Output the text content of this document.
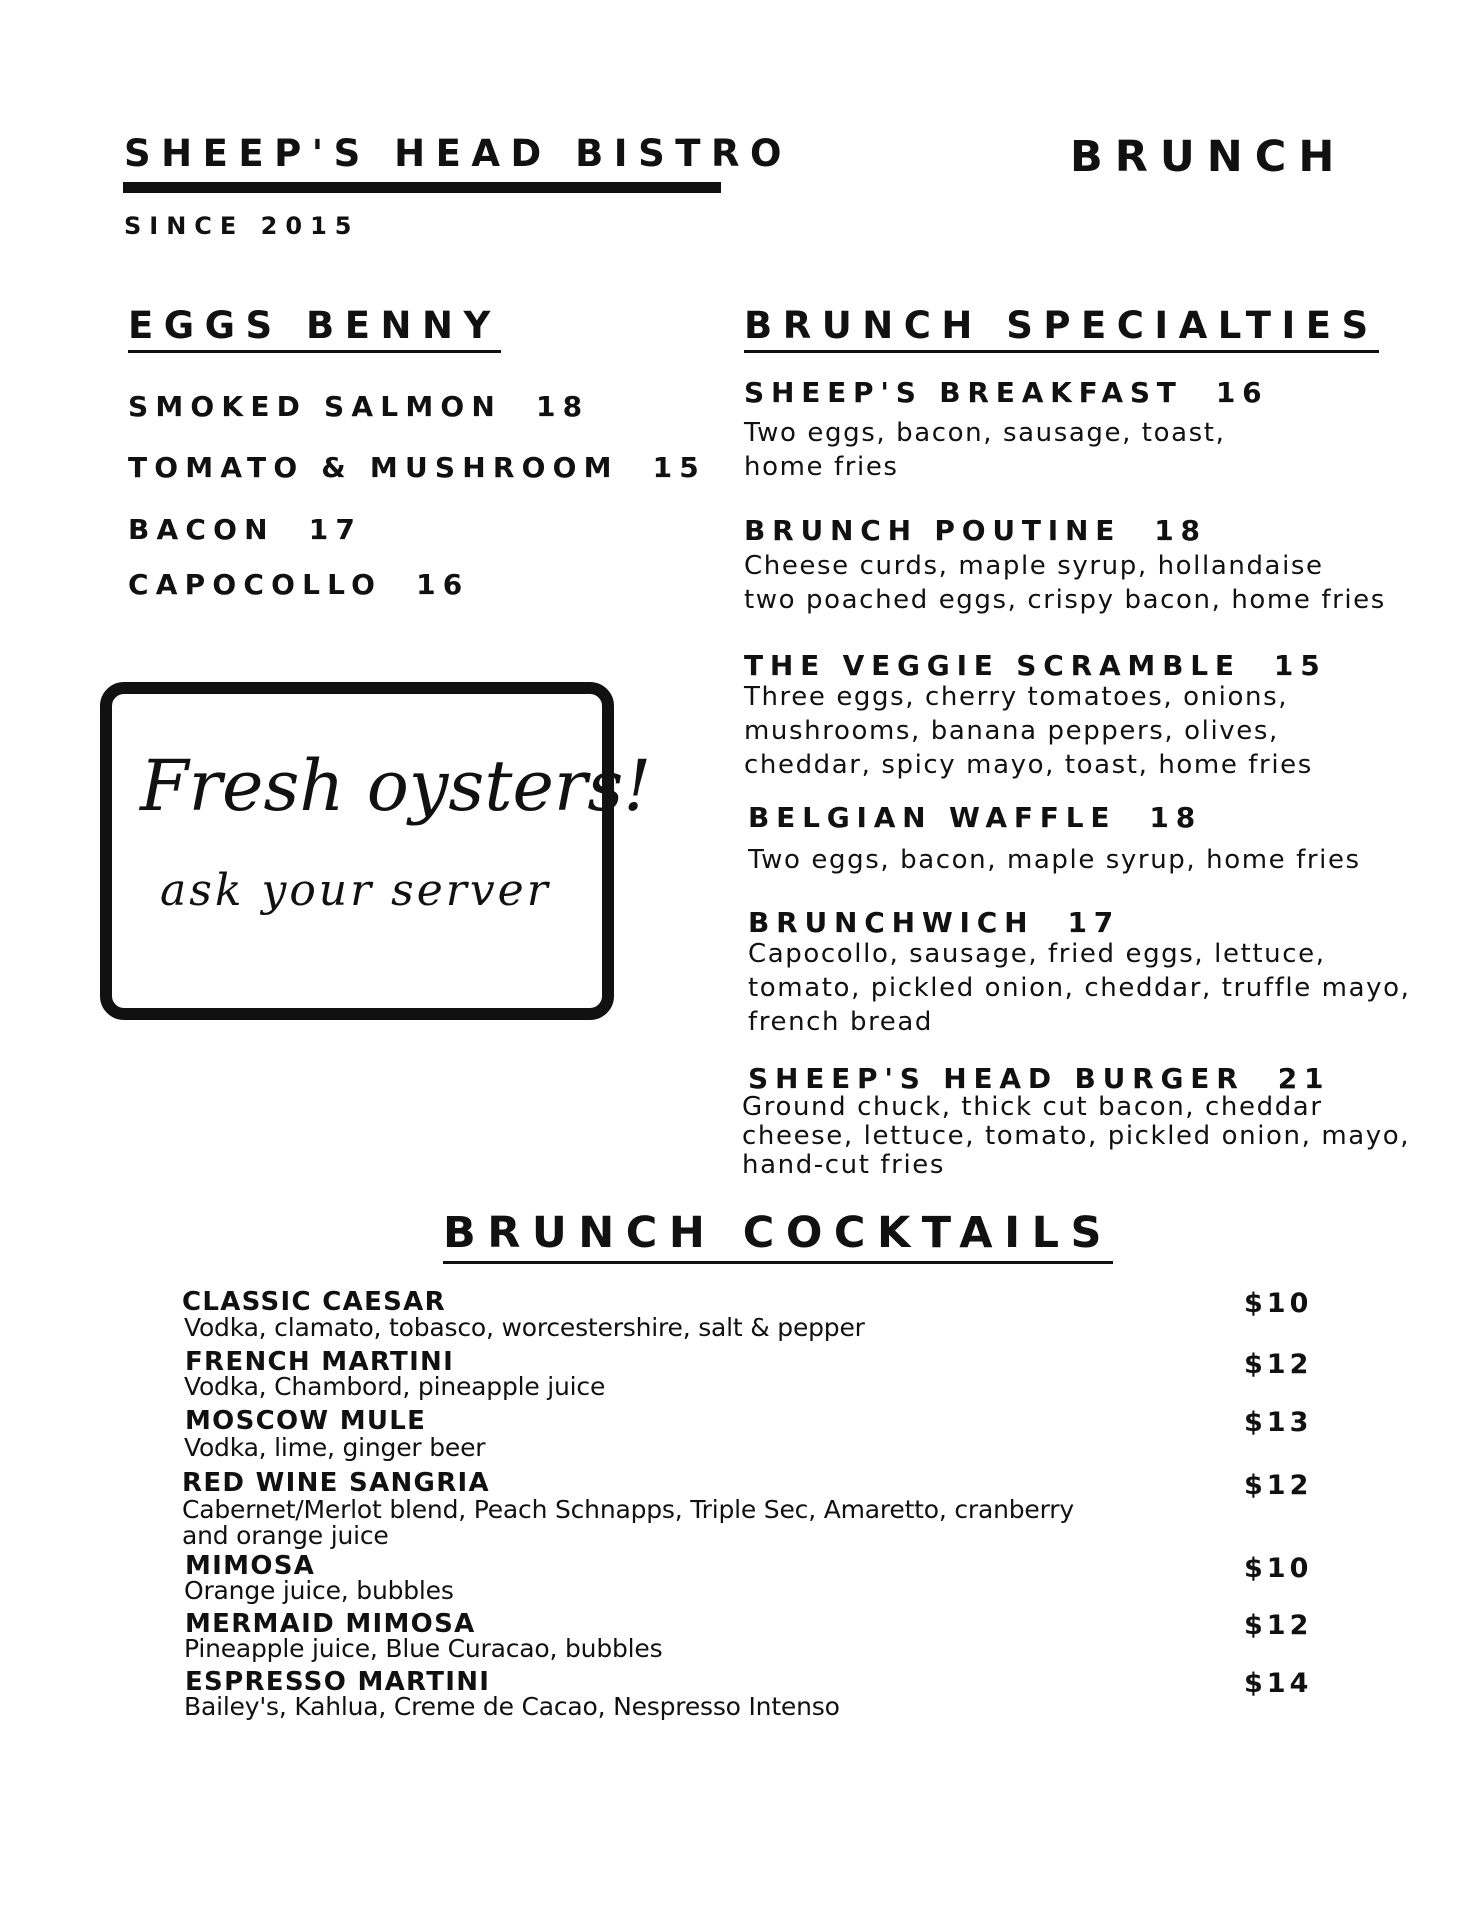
SHEEP'S HEAD BISTRO
SINCE 2015
BRUNCH
EGGS BENNY
SMOKED SALMON 18
TOMATO & MUSHROOM 15
BACON 17
CAPOCOLLO 16
Fresh oysters!
ask your server
BRUNCH SPECIALTIES
SHEEP'S BREAKFAST 16
Two eggs, bacon, sausage, toast,
home fries
BRUNCH POUTINE 18
Cheese curds, maple syrup, hollandaise
two poached eggs, crispy bacon, home fries
THE VEGGIE SCRAMBLE 15
Three eggs, cherry tomatoes, onions,
mushrooms, banana peppers, olives,
cheddar, spicy mayo, toast, home fries
BELGIAN WAFFLE 18
Two eggs, bacon, maple syrup, home fries
BRUNCHWICH 17
Capocollo, sausage, fried eggs, lettuce,
tomato, pickled onion, cheddar, truffle mayo,
french bread
SHEEP'S HEAD BURGER 21
Ground chuck, thick cut bacon, cheddar
cheese, lettuce, tomato, pickled onion, mayo,
hand-cut fries
BRUNCH COCKTAILS
CLASSIC CAESAR
Vodka, clamato, tobasco, worcestershire, salt & pepper
$10
FRENCH MARTINI
Vodka, Chambord, pineapple juice
$12
MOSCOW MULE
Vodka, lime, ginger beer
$13
RED WINE SANGRIA
Cabernet/Merlot blend, Peach Schnapps, Triple Sec, Amaretto, cranberry and orange juice
$12
MIMOSA
Orange juice, bubbles
$10
MERMAID MIMOSA
Pineapple juice, Blue Curacao, bubbles
$12
ESPRESSO MARTINI
Bailey's, Kahlua, Creme de Cacao, Nespresso Intenso
$14
